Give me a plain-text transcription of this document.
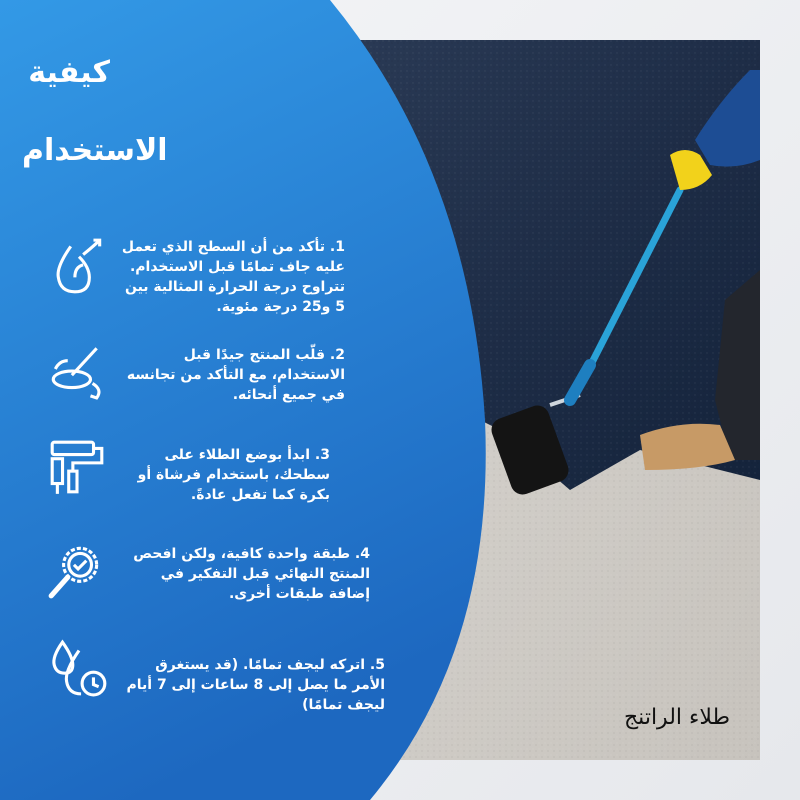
كيفية
الاستخدام
1. تأكد من أن السطح الذي تعمل عليه جاف تمامًا قبل الاستخدام. تتراوح درجة الحرارة المثالية بين 5 و25 درجة مئوية.
2. قلّب المنتج جيدًا قبل الاستخدام، مع التأكد من تجانسه في جميع أنحائه.
3. ابدأ بوضع الطلاء على سطحك، باستخدام فرشاة أو بكرة كما تفعل عادةً.
4. طبقة واحدة كافية، ولكن افحص المنتج النهائي قبل التفكير في إضافة طبقات أخرى.
5. اتركه ليجف تمامًا. (قد يستغرق الأمر ما يصل إلى 8 ساعات إلى 7 أيام ليجف تمامًا)	طلاء الراتنج
